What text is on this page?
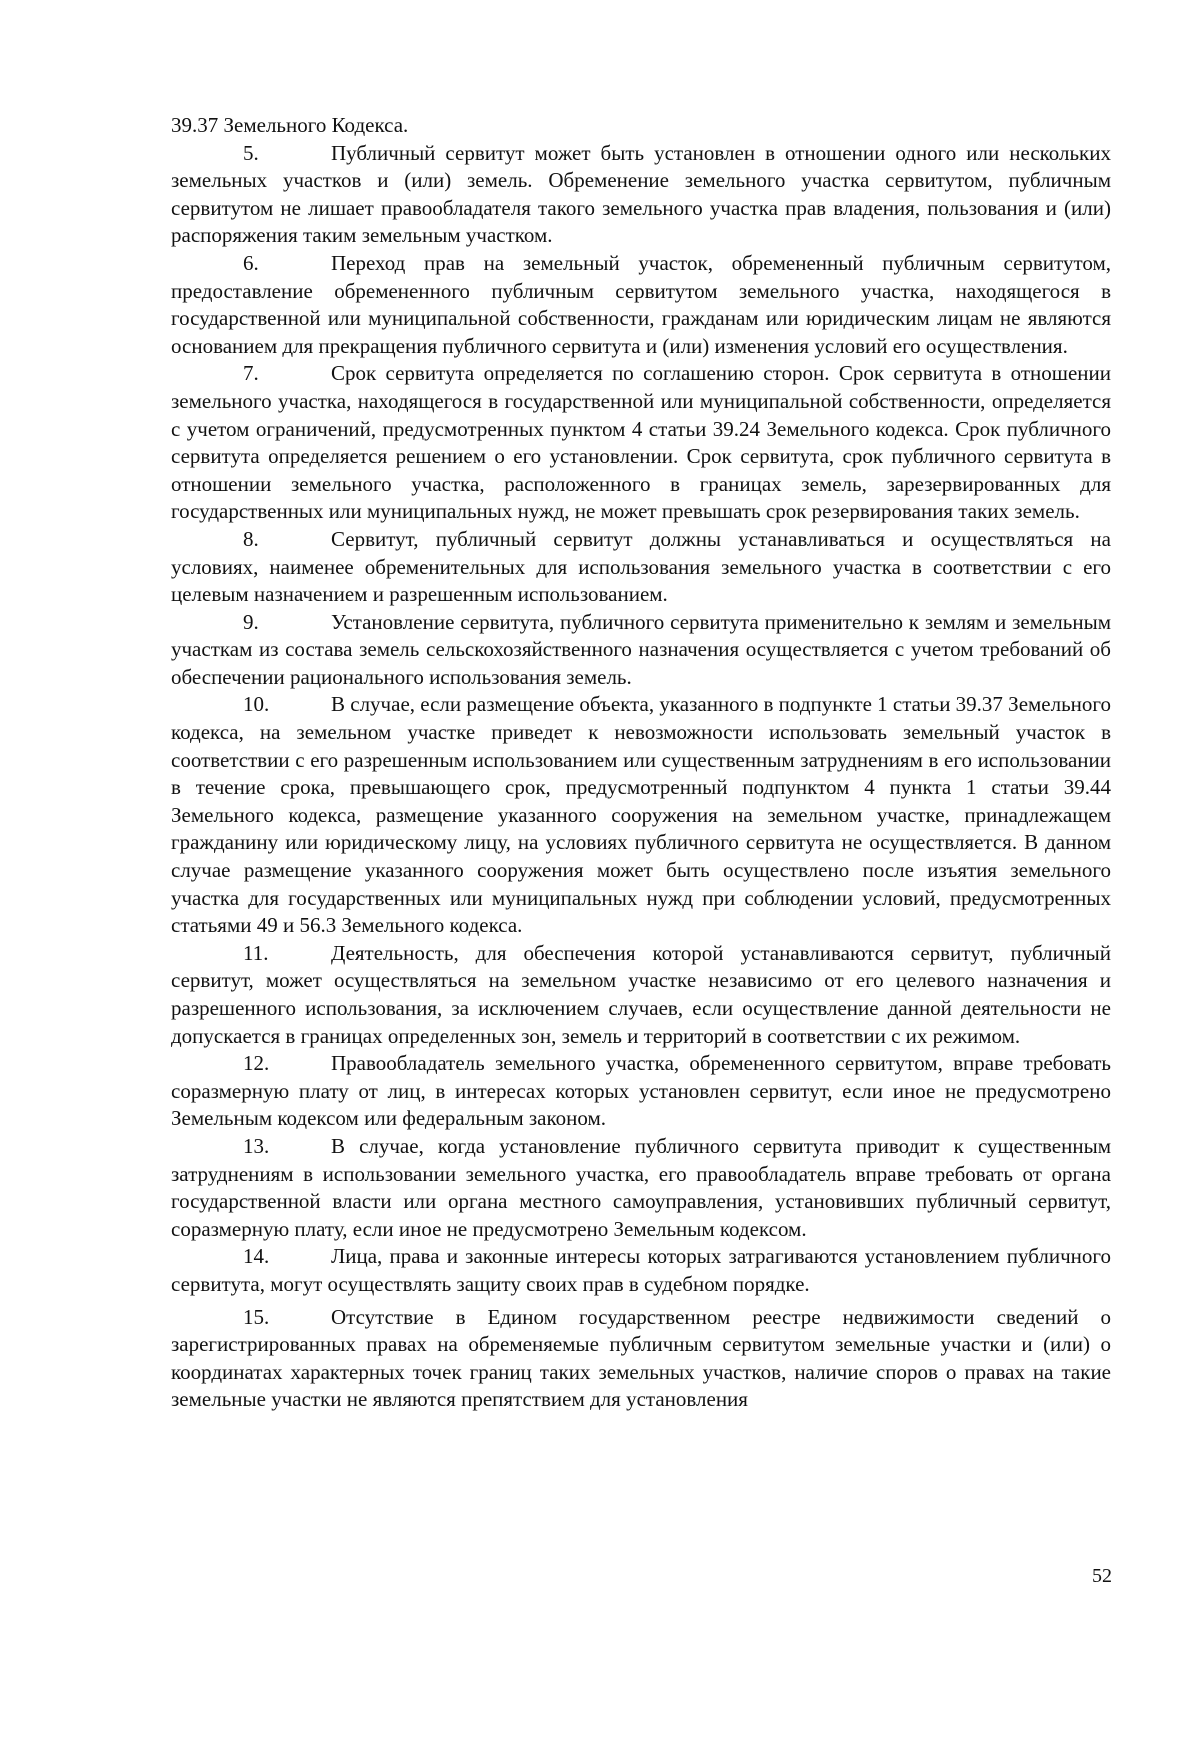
39.37 Земельного Кодекса.

5.	Публичный сервитут может быть установлен в отношении одного или нескольких земельных участков и (или) земель. Обременение земельного участка сервитутом, публичным сервитутом не лишает правообладателя такого земельного участка прав владения, пользования и (или) распоряжения таким земельным участком.

6.	Переход прав на земельный участок, обремененный публичным сервитутом, предоставление обремененного публичным сервитутом земельного участка, находящегося в государственной или муниципальной собственности, гражданам или юридическим лицам не являются основанием для прекращения публичного сервитута и (или) изменения условий его осуществления.

7.	Срок сервитута определяется по соглашению сторон. Срок сервитута в отношении земельного участка, находящегося в государственной или муниципальной собственности, определяется с учетом ограничений, предусмотренных пунктом 4 статьи 39.24 Земельного кодекса. Срок публичного сервитута определяется решением о его установлении. Срок сервитута, срок публичного сервитута в отношении земельного участка, расположенного в границах земель, зарезервированных для государственных или муниципальных нужд, не может превышать срок резервирования таких земель.

8.	Сервитут, публичный сервитут должны устанавливаться и осуществляться на условиях, наименее обременительных для использования земельного участка в соответствии с его целевым назначением и разрешенным использованием.

9.	Установление сервитута, публичного сервитута применительно к землям и земельным участкам из состава земель сельскохозяйственного назначения осуществляется с учетом требований об обеспечении рационального использования земель.

10.	В случае, если размещение объекта, указанного в подпункте 1 статьи 39.37 Земельного кодекса, на земельном участке приведет к невозможности использовать земельный участок в соответствии с его разрешенным использованием или существенным затруднениям в его использовании в течение срока, превышающего срок, предусмотренный подпунктом 4 пункта 1 статьи 39.44 Земельного кодекса, размещение указанного сооружения на земельном участке, принадлежащем гражданину или юридическому лицу, на условиях публичного сервитута не осуществляется. В данном случае размещение указанного сооружения может быть осуществлено после изъятия земельного участка для государственных или муниципальных нужд при соблюдении условий, предусмотренных статьями 49 и 56.3 Земельного кодекса.

11.	Деятельность, для обеспечения которой устанавливаются сервитут, публичный сервитут, может осуществляться на земельном участке независимо от его целевого назначения и разрешенного использования, за исключением случаев, если осуществление данной деятельности не допускается в границах определенных зон, земель и территорий в соответствии с их режимом.

12.	Правообладатель земельного участка, обремененного сервитутом, вправе требовать соразмерную плату от лиц, в интересах которых установлен сервитут, если иное не предусмотрено Земельным кодексом или федеральным законом.

13.	В случае, когда установление публичного сервитута приводит к существенным затруднениям в использовании земельного участка, его правообладатель вправе требовать от органа государственной власти или органа местного самоуправления, установивших публичный сервитут, соразмерную плату, если иное не предусмотрено Земельным кодексом.

14.	Лица, права и законные интересы которых затрагиваются установлением публичного сервитута, могут осуществлять защиту своих прав в судебном порядке.

15.	Отсутствие в Едином государственном реестре недвижимости сведений о зарегистрированных правах на обременяемые публичным сервитутом земельные участки и (или) о координатах характерных точек границ таких земельных участков, наличие споров о правах на такие земельные участки не являются препятствием для установления

52
